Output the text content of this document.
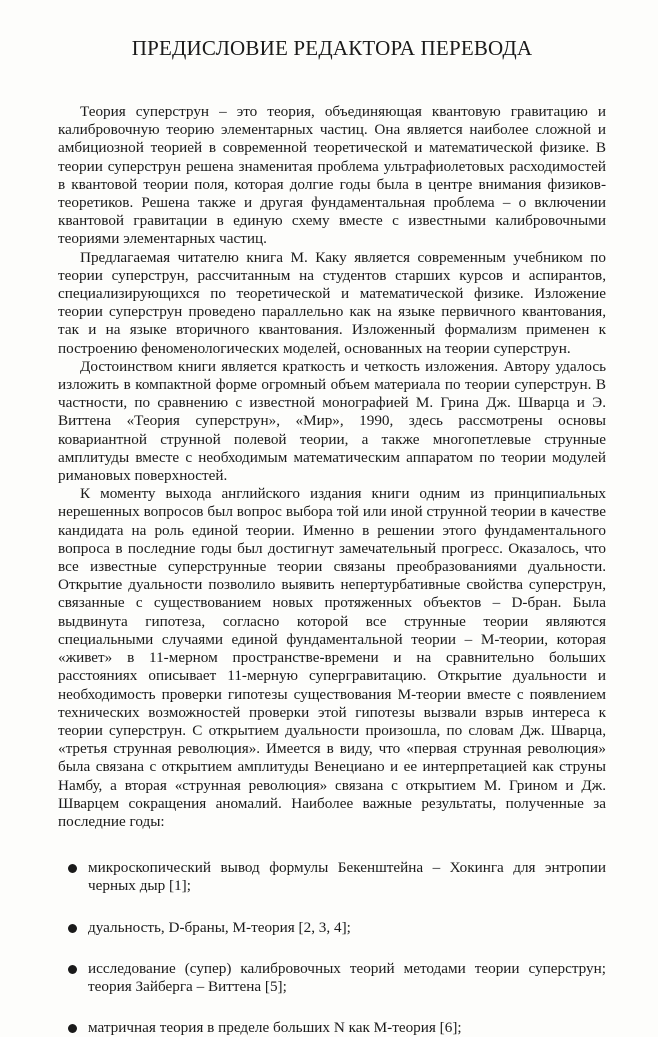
ПРЕДИСЛОВИЕ РЕДАКТОРА ПЕРЕВОДА

Теория суперструн – это теория, объединяющая квантовую гравитацию и калибровочную теорию элементарных частиц. Она является наиболее сложной и амбициозной теорией в современной теоретической и математической физике. В теории суперструн решена знаменитая проблема ультрафиолетовых расходимостей в квантовой теории поля, которая долгие годы была в центре внимания физиков-теоретиков. Решена также и другая фундаментальная проблема – о включении квантовой гравитации в единую схему вместе с известными калибровочными теориями элементарных частиц.

Предлагаемая читателю книга М. Каку является современным учебником по теории суперструн, рассчитанным на студентов старших курсов и аспирантов, специализирующихся по теоретической и математической физике. Изложение теории суперструн проведено параллельно как на языке первичного квантования, так и на языке вторичного квантования. Изложенный формализм применен к построению феноменологических моделей, основанных на теории суперструн.

Достоинством книги является краткость и четкость изложения. Автору удалось изложить в компактной форме огромный объем материала по теории суперструн. В частности, по сравнению с известной монографией М. Грина Дж. Шварца и Э. Виттена «Теория суперструн», «Мир», 1990, здесь рассмотрены основы ковариантной струнной полевой теории, а также многопетлевые струнные амплитуды вместе с необходимым математическим аппаратом по теории модулей римановых поверхностей.

К моменту выхода английского издания книги одним из принципиальных нерешенных вопросов был вопрос выбора той или иной струнной теории в качестве кандидата на роль единой теории. Именно в решении этого фундаментального вопроса в последние годы был достигнут замечательный прогресс. Оказалось, что все известные суперструнные теории связаны преобразованиями дуальности. Открытие дуальности позволило выявить непертурбативные свойства суперструн, связанные с существованием новых протяженных объектов – D-бран. Была выдвинута гипотеза, согласно которой все струнные теории являются специальными случаями единой фундаментальной теории – М-теории, которая «живет» в 11-мерном пространстве-времени и на сравнительно больших расстояниях описывает 11-мерную супергравитацию. Открытие дуальности и необходимость проверки гипотезы существования М-теории вместе с появлением технических возможностей проверки этой гипотезы вызвали взрыв интереса к теории суперструн. С открытием дуальности произошла, по словам Дж. Шварца, «третья струнная революция». Имеется в виду, что «первая струнная революция» была связана с открытием амплитуды Венециано и ее интерпретацией как струны Намбу, а вторая «струнная революция» связана с открытием М. Грином и Дж. Шварцем сокращения аномалий. Наиболее важные результаты, полученные за последние годы:

микроскопический вывод формулы Бекенштейна – Хокинга для энтропии черных дыр [1];
дуальность, D-браны, М-теория [2, 3, 4];
исследование (супер) калибровочных теорий методами теории суперструн; теория Зайберга – Виттена [5];
матричная теория в пределе больших N как М-теория [6];
